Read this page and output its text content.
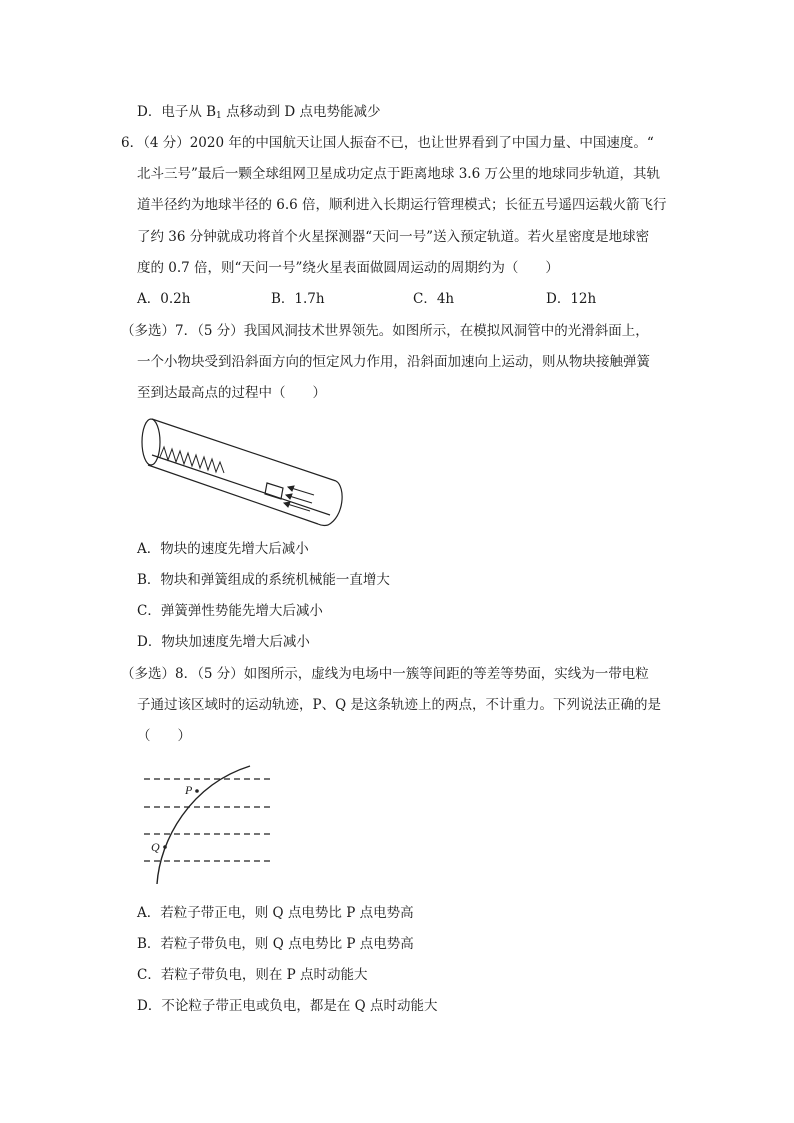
D．电子从 $B_1$ 点移动到 D 点电势能减少
6．（4 分）2020 年的中国航天让国人振奋不已，也让世界看到了中国力量、中国速度。“
北斗三号”最后一颗全球组网卫星成功定点于距离地球 3.6 万公里的地球同步轨道，其轨
道半径约为地球半径的 6.6 倍，顺利进入长期运行管理模式；长征五号遥四运载火箭飞行
了约 36 分钟就成功将首个火星探测器“天问一号”送入预定轨道。若火星密度是地球密
度的 0.7 倍，则“天问一号”绕火星表面做圆周运动的周期约为（　　）
A．0.2h	B．1.7h	C．4h	D．12h
（多选）7．（5 分）我国风洞技术世界领先。如图所示，在模拟风洞管中的光滑斜面上，
一个小物块受到沿斜面方向的恒定风力作用，沿斜面加速向上运动，则从物块接触弹簧
至到达最高点的过程中（　　）
A．物块的速度先增大后减小
B．物块和弹簧组成的系统机械能一直增大
C．弹簧弹性势能先增大后减小
D．物块加速度先增大后减小
（多选）8．（5 分）如图所示，虚线为电场中一簇等间距的等差等势面，实线为一带电粒
子通过该区域时的运动轨迹，P、Q 是这条轨迹上的两点，不计重力。下列说法正确的是
（　　）
P
Q
A．若粒子带正电，则 Q 点电势比 P 点电势高
B．若粒子带负电，则 Q 点电势比 P 点电势高
C．若粒子带负电，则在 P 点时动能大
D．不论粒子带正电或负电，都是在 Q 点时动能大
